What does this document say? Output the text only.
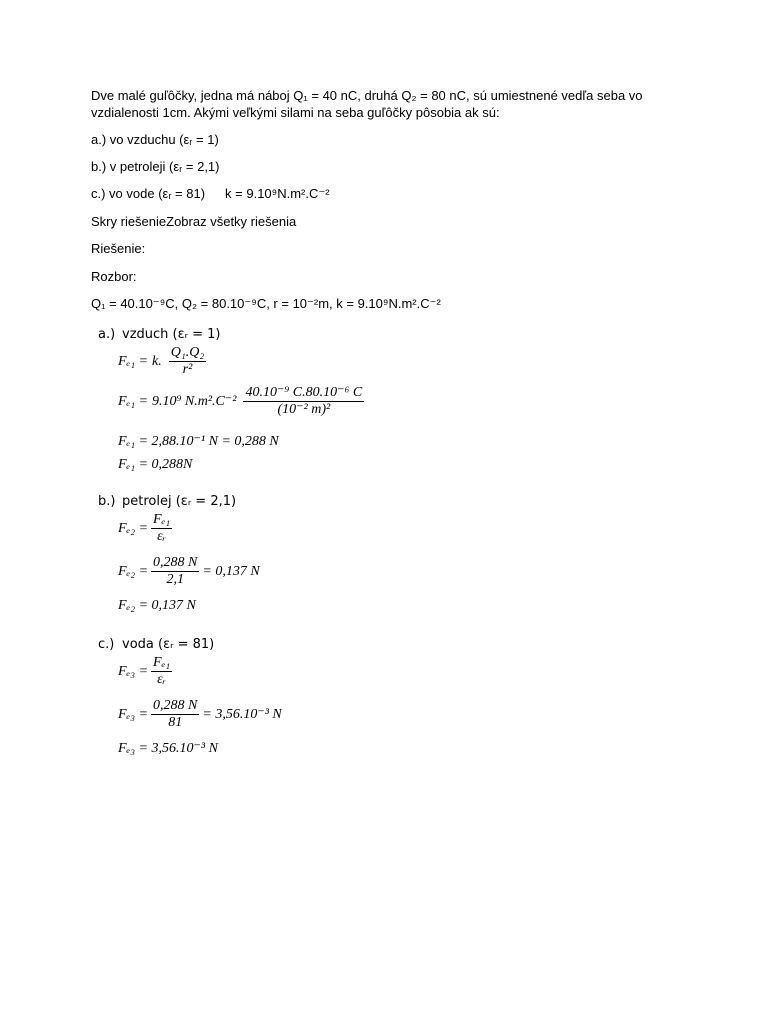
Dve malé guľôčky, jedna má náboj Q₁ = 40 nC, druhá Q₂ = 80 nC, sú umiestnené vedľa seba vo

vzdialenosti 1cm. Akými veľkými silami na seba guľôčky pôsobia ak sú:

a.) vo vzduchu (εᵣ = 1)

b.) v petroleji (εᵣ = 2,1)

c.) vo vode (εᵣ = 81) k = 9.10⁹N.m².C⁻²
Skry riešenieZobraz všetky riešenia

Riešenie:

Rozbor:

Q₁ = 40.10⁻⁹C, Q₂ = 80.10⁻⁹C, r = 10⁻²m, k = 9.10⁹N.m².C⁻²

a.) vzduch (εᵣ = 1)
Fₑ₁ = k. $\frac{\text{Q₁.Q₂}}{\text{r²}}$
Fₑ₁ = 9.10⁹ $N.m^2.C^{-2} \frac{\text{40.10⁻⁹ C.80.10⁻⁶ C}}{\text{(10⁻² m)²}}$
Fₑ₁ = 2,88.10⁻¹ N = 0,288 N
Fₑ₁ = 0,288N
b.) petrolej (εᵣ = 2,1)
$F_{e2} = \frac{\text{Fₑ₁}}{\text{εᵣ}}$
$F_{e2} = \frac{0,288 N}{2,1} = 0,137$ N
Fₑ₂ = 0,137 N
c.) voda (εᵣ = 81)
$F_{e3} = \frac{\text{Fₑ₁}}{\text{εᵣ}}$
$F_{e3} = \frac{0,288 N}{81} = 3,56.10^{-3}$ N
Fₑ₃ = 3,56.10⁻³ N
